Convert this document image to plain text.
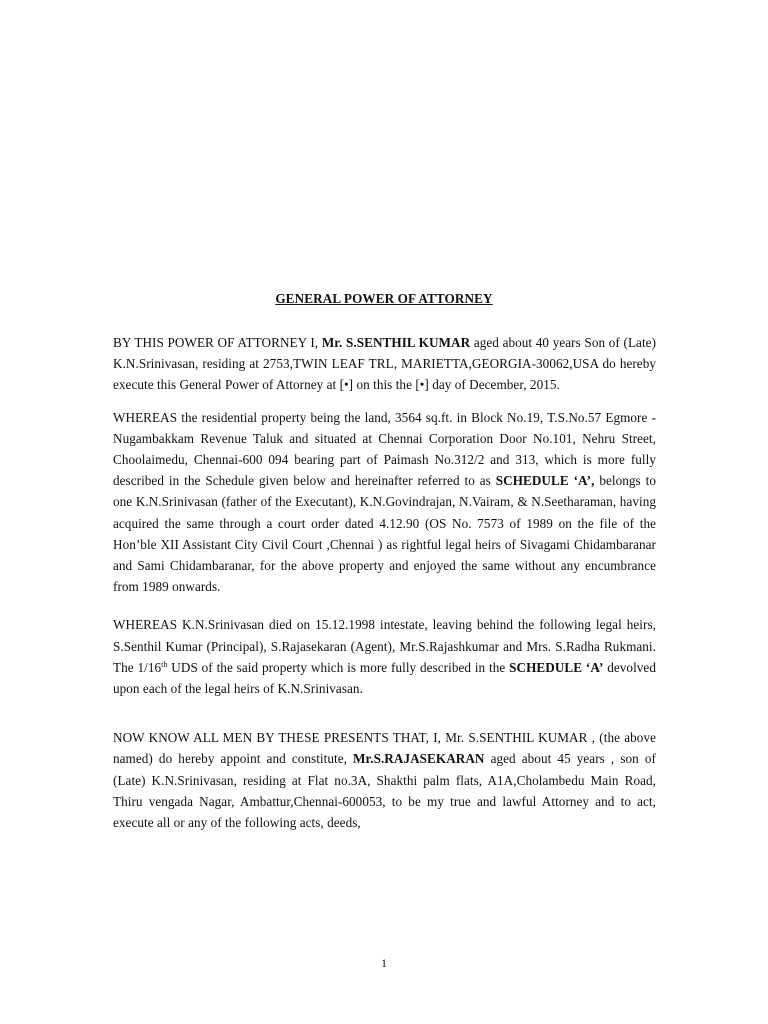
GENERAL POWER OF ATTORNEY

BY THIS POWER OF ATTORNEY I, Mr. S.SENTHIL KUMAR aged about 40 years Son of (Late) K.N.Srinivasan, residing at 2753,TWIN LEAF TRL, MARIETTA,GEORGIA-30062,USA do hereby execute this General Power of Attorney at [•] on this the [•] day of December, 2015.

WHEREAS the residential property being the land, 3564 sq.ft. in Block No.19, T.S.No.57 Egmore - Nugambakkam Revenue Taluk and situated at Chennai Corporation Door No.101, Nehru Street, Choolaimedu, Chennai-600 094 bearing part of Paimash No.312/2 and 313, which is more fully described in the Schedule given below and hereinafter referred to as SCHEDULE ‘A’, belongs to one K.N.Srinivasan (father of the Executant), K.N.Govindrajan, N.Vairam, & N.Seetharaman, having acquired the same through a court order dated 4.12.90 (OS No. 7573 of 1989 on the file of the Hon’ble XII Assistant City Civil Court ,Chennai ) as rightful legal heirs of Sivagami Chidambaranar and Sami Chidambaranar, for the above property and enjoyed the same without any encumbrance from 1989 onwards.

WHEREAS K.N.Srinivasan died on 15.12.1998 intestate, leaving behind the following legal heirs, S.Senthil Kumar (Principal), S.Rajasekaran (Agent), Mr.S.Rajashkumar and Mrs. S.Radha Rukmani. The 1/16th UDS of the said property which is more fully described in the SCHEDULE ‘A’ devolved upon each of the legal heirs of K.N.Srinivasan.

NOW KNOW ALL MEN BY THESE PRESENTS THAT, I, Mr. S.SENTHIL KUMAR , (the above named) do hereby appoint and constitute, Mr.S.RAJASEKARAN aged about 45 years , son of (Late) K.N.Srinivasan, residing at Flat no.3A, Shakthi palm flats, A1A,Cholambedu Main Road, Thiru vengada Nagar, Ambattur,Chennai-600053, to be my true and lawful Attorney and to act, execute all or any of the following acts, deeds,

1
